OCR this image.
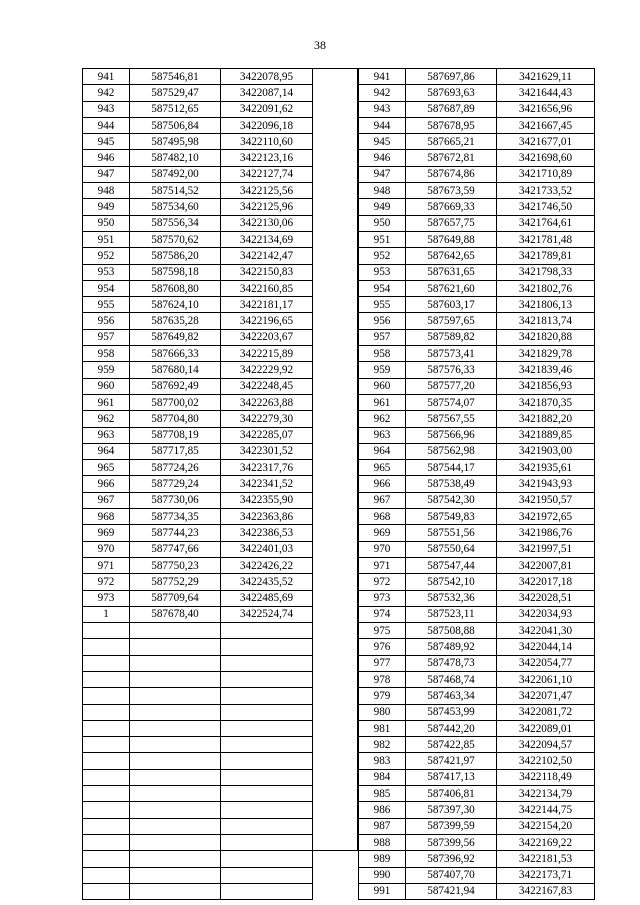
38
941	587546,81	3422078,95
942	587529,47	3422087,14
943	587512,65	3422091,62
944	587506,84	3422096,18
945	587495,98	3422110,60
946	587482,10	3422123,16
947	587492,00	3422127,74
948	587514,52	3422125,56
949	587534,60	3422125,96
950	587556,34	3422130,06
951	587570,62	3422134,69
952	587586,20	3422142,47
953	587598,18	3422150,83
954	587608,80	3422160,85
955	587624,10	3422181,17
956	587635,28	3422196,65
957	587649,82	3422203,67
958	587666,33	3422215,89
959	587680,14	3422229,92
960	587692,49	3422248,45
961	587700,02	3422263,88
962	587704,80	3422279,30
963	587708,19	3422285,07
964	587717,85	3422301,52
965	587724,26	3422317,76
966	587729,24	3422341,52
967	587730,06	3422355,90
968	587734,35	3422363,86
969	587744,23	3422386,53
970	587747,66	3422401,03
971	587750,23	3422426,22
972	587752,29	3422435,52
973	587709,64	3422485,69
1	587678,40	3422524,74

941	587697,86	3421629,11
942	587693,63	3421644,43
943	587687,89	3421656,96
944	587678,95	3421667,45
945	587665,21	3421677,01
946	587672,81	3421698,60
947	587674,86	3421710,89
948	587673,59	3421733,52
949	587669,33	3421746,50
950	587657,75	3421764,61
951	587649,88	3421781,48
952	587642,65	3421789,81
953	587631,65	3421798,33
954	587621,60	3421802,76
955	587603,17	3421806,13
956	587597,65	3421813,74
957	587589,82	3421820,88
958	587573,41	3421829,78
959	587576,33	3421839,46
960	587577,20	3421856,93
961	587574,07	3421870,35
962	587567,55	3421882,20
963	587566,96	3421889,85
964	587562,98	3421903,00
965	587544,17	3421935,61
966	587538,49	3421943,93
967	587542,30	3421950,57
968	587549,83	3421972,65
969	587551,56	3421986,76
970	587550,64	3421997,51
971	587547,44	3422007,81
972	587542,10	3422017,18
973	587532,36	3422028,51
974	587523,11	3422034,93
975	587508,88	3422041,30
976	587489,92	3422044,14
977	587478,73	3422054,77
978	587468,74	3422061,10
979	587463,34	3422071,47
980	587453,99	3422081,72
981	587442,20	3422089,01
982	587422,85	3422094,57
983	587421,97	3422102,50
984	587417,13	3422118,49
985	587406,81	3422134,79
986	587397,30	3422144,75
987	587399,59	3422154,20
988	587399,56	3422169,22
989	587396,92	3422181,53
990	587407,70	3422173,71
991	587421,94	3422167,83
